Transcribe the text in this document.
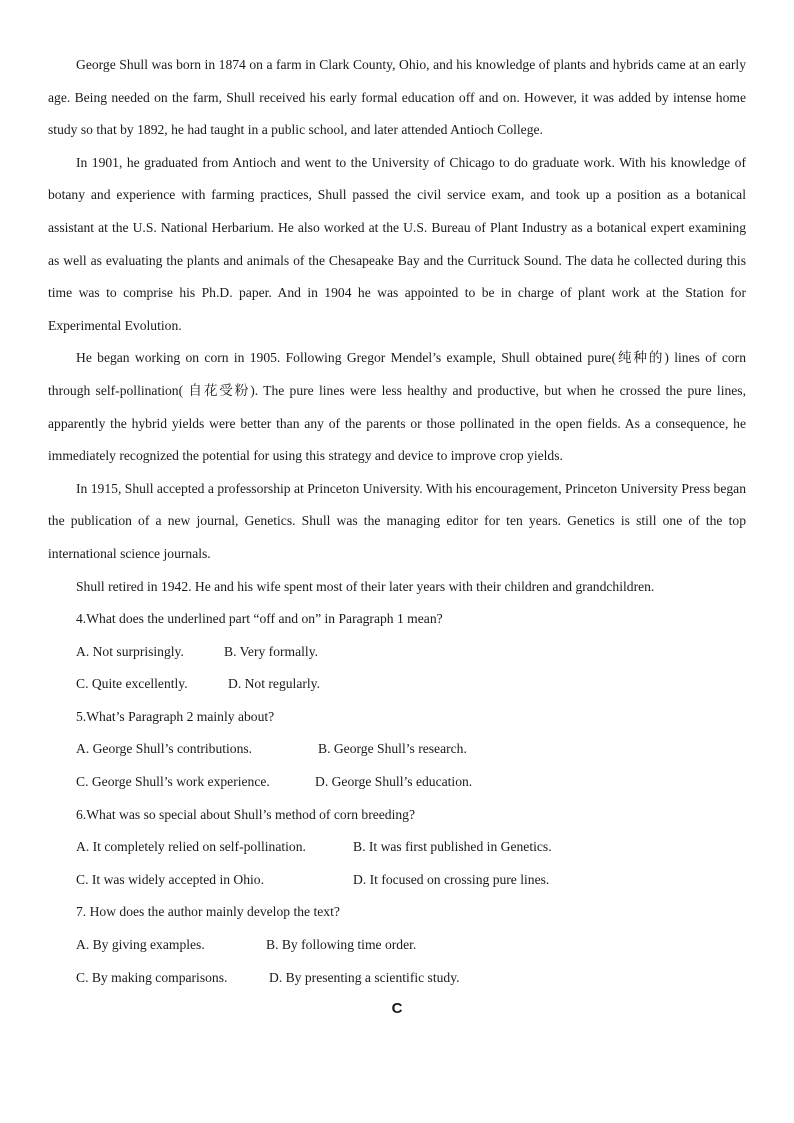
George Shull was born in 1874 on a farm in Clark County, Ohio, and his knowledge of plants and hybrids came at an early age. Being needed on the farm, Shull received his early formal education off and on. However, it was added by intense home study so that by 1892, he had taught in a public school, and later attended Antioch College.

In 1901, he graduated from Antioch and went to the University of Chicago to do graduate work. With his knowledge of botany and experience with farming practices, Shull passed the civil service exam, and took up a position as a botanical assistant at the U.S. National Herbarium. He also worked at the U.S. Bureau of Plant Industry as a botanical expert examining as well as evaluating the plants and animals of the Chesapeake Bay and the Currituck Sound. The data he collected during this time was to comprise his Ph.D. paper. And in 1904 he was appointed to be in charge of plant work at the Station for Experimental Evolution.

He began working on corn in 1905. Following Gregor Mendel’s example, Shull obtained pure(纯种的) lines of corn through self-pollination( 自花受粉). The pure lines were less healthy and productive, but when he crossed the pure lines, apparently the hybrid yields were better than any of the parents or those pollinated in the open fields. As a consequence, he immediately recognized the potential for using this strategy and device to improve crop yields.

In 1915, Shull accepted a professorship at Princeton University. With his encouragement, Princeton University Press began the publication of a new journal, Genetics. Shull was the managing editor for ten years. Genetics is still one of the top international science journals.

Shull retired in 1942. He and his wife spent most of their later years with their children and grandchildren.

4.What does the underlined part “off and on” in Paragraph 1 mean?
A. Not surprisingly.	B. Very formally.
C. Quite excellently.	D. Not regularly.
5.What’s Paragraph 2 mainly about?
A. George Shull’s contributions.	B. George Shull’s research.
C. George Shull’s work experience.	D. George Shull’s education.
6.What was so special about Shull’s method of corn breeding?
A. It completely relied on self-pollination.	B. It was first published in Genetics.
C. It was widely accepted in Ohio.	D. It focused on crossing pure lines.
7. How does the author mainly develop the text?
A. By giving examples.	B. By following time order.
C. By making comparisons.	D. By presenting a scientific study.
C
